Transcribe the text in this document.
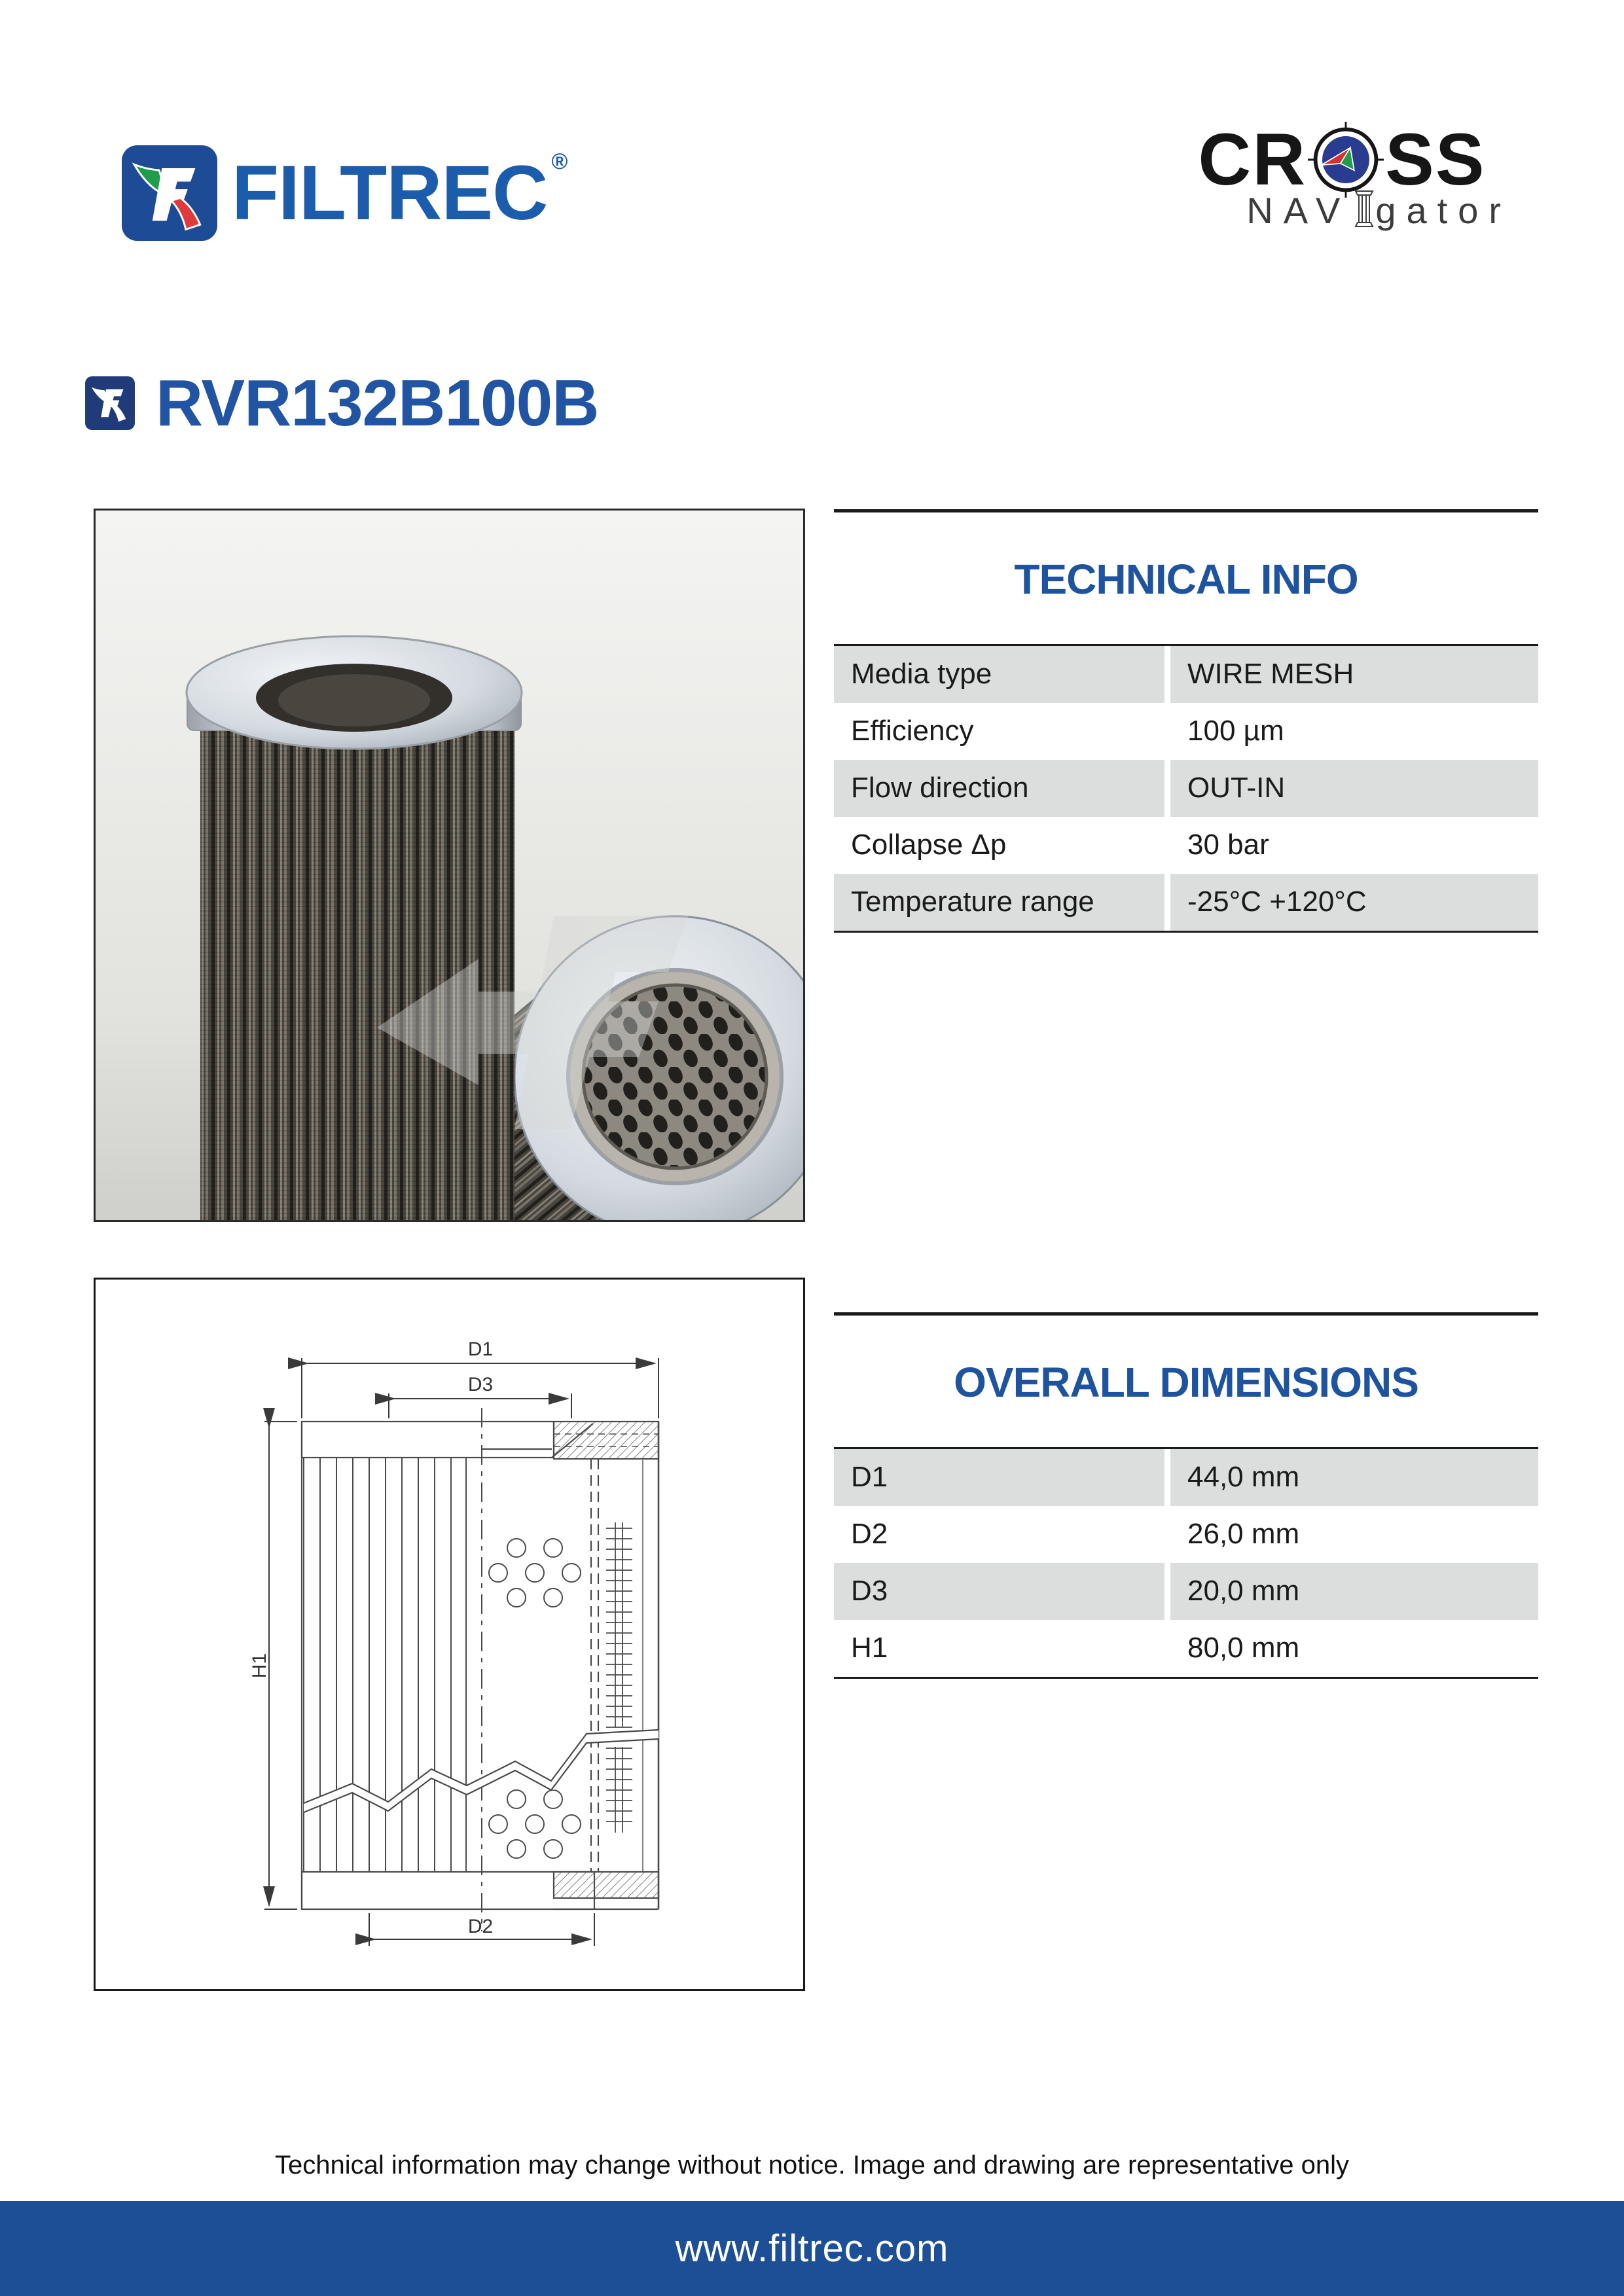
FILTREC ®	CR SS
NAV gator
RVR132B100B
TECHNICAL INFO
Media type	WIRE MESH
Efficiency	100 µm
Flow direction	OUT-IN
Collapse Δp	30 bar
Temperature range	-25°C +120°C
D1
D3
H1
D2
OVERALL DIMENSIONS
D1	44,0 mm
D2	26,0 mm
D3	20,0 mm
H1	80,0 mm
Technical information may change without notice. Image and drawing are representative only
www.filtrec.com
